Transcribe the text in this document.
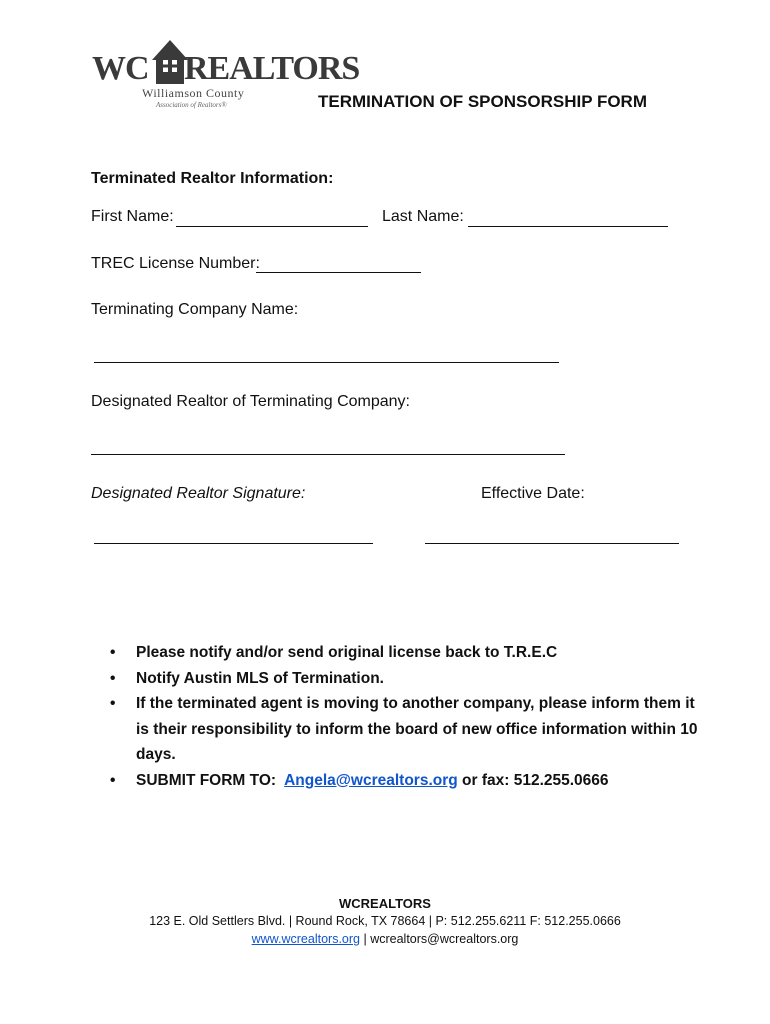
WC REALTORS
Williamson County
Association of Realtors®	TERMINATION OF SPONSORSHIP FORM
Terminated Realtor Information:
First Name:	Last Name:
TREC License Number:
Terminating Company Name:
Designated Realtor of Terminating Company:
Designated Realtor Signature:	Effective Date:
• Please notify and/or send original license back to T.R.E.C
• Notify Austin MLS of Termination.
• If the terminated agent is moving to another company, please inform them it is their responsibility to inform the board of new office information within 10 days.
• SUBMIT FORM TO: Angela@wcrealtors.org or fax: 512.255.0666
WCREALTORS
123 E. Old Settlers Blvd. | Round Rock, TX 78664 | P: 512.255.6211 F: 512.255.0666
www.wcrealtors.org | wcrealtors@wcrealtors.org
